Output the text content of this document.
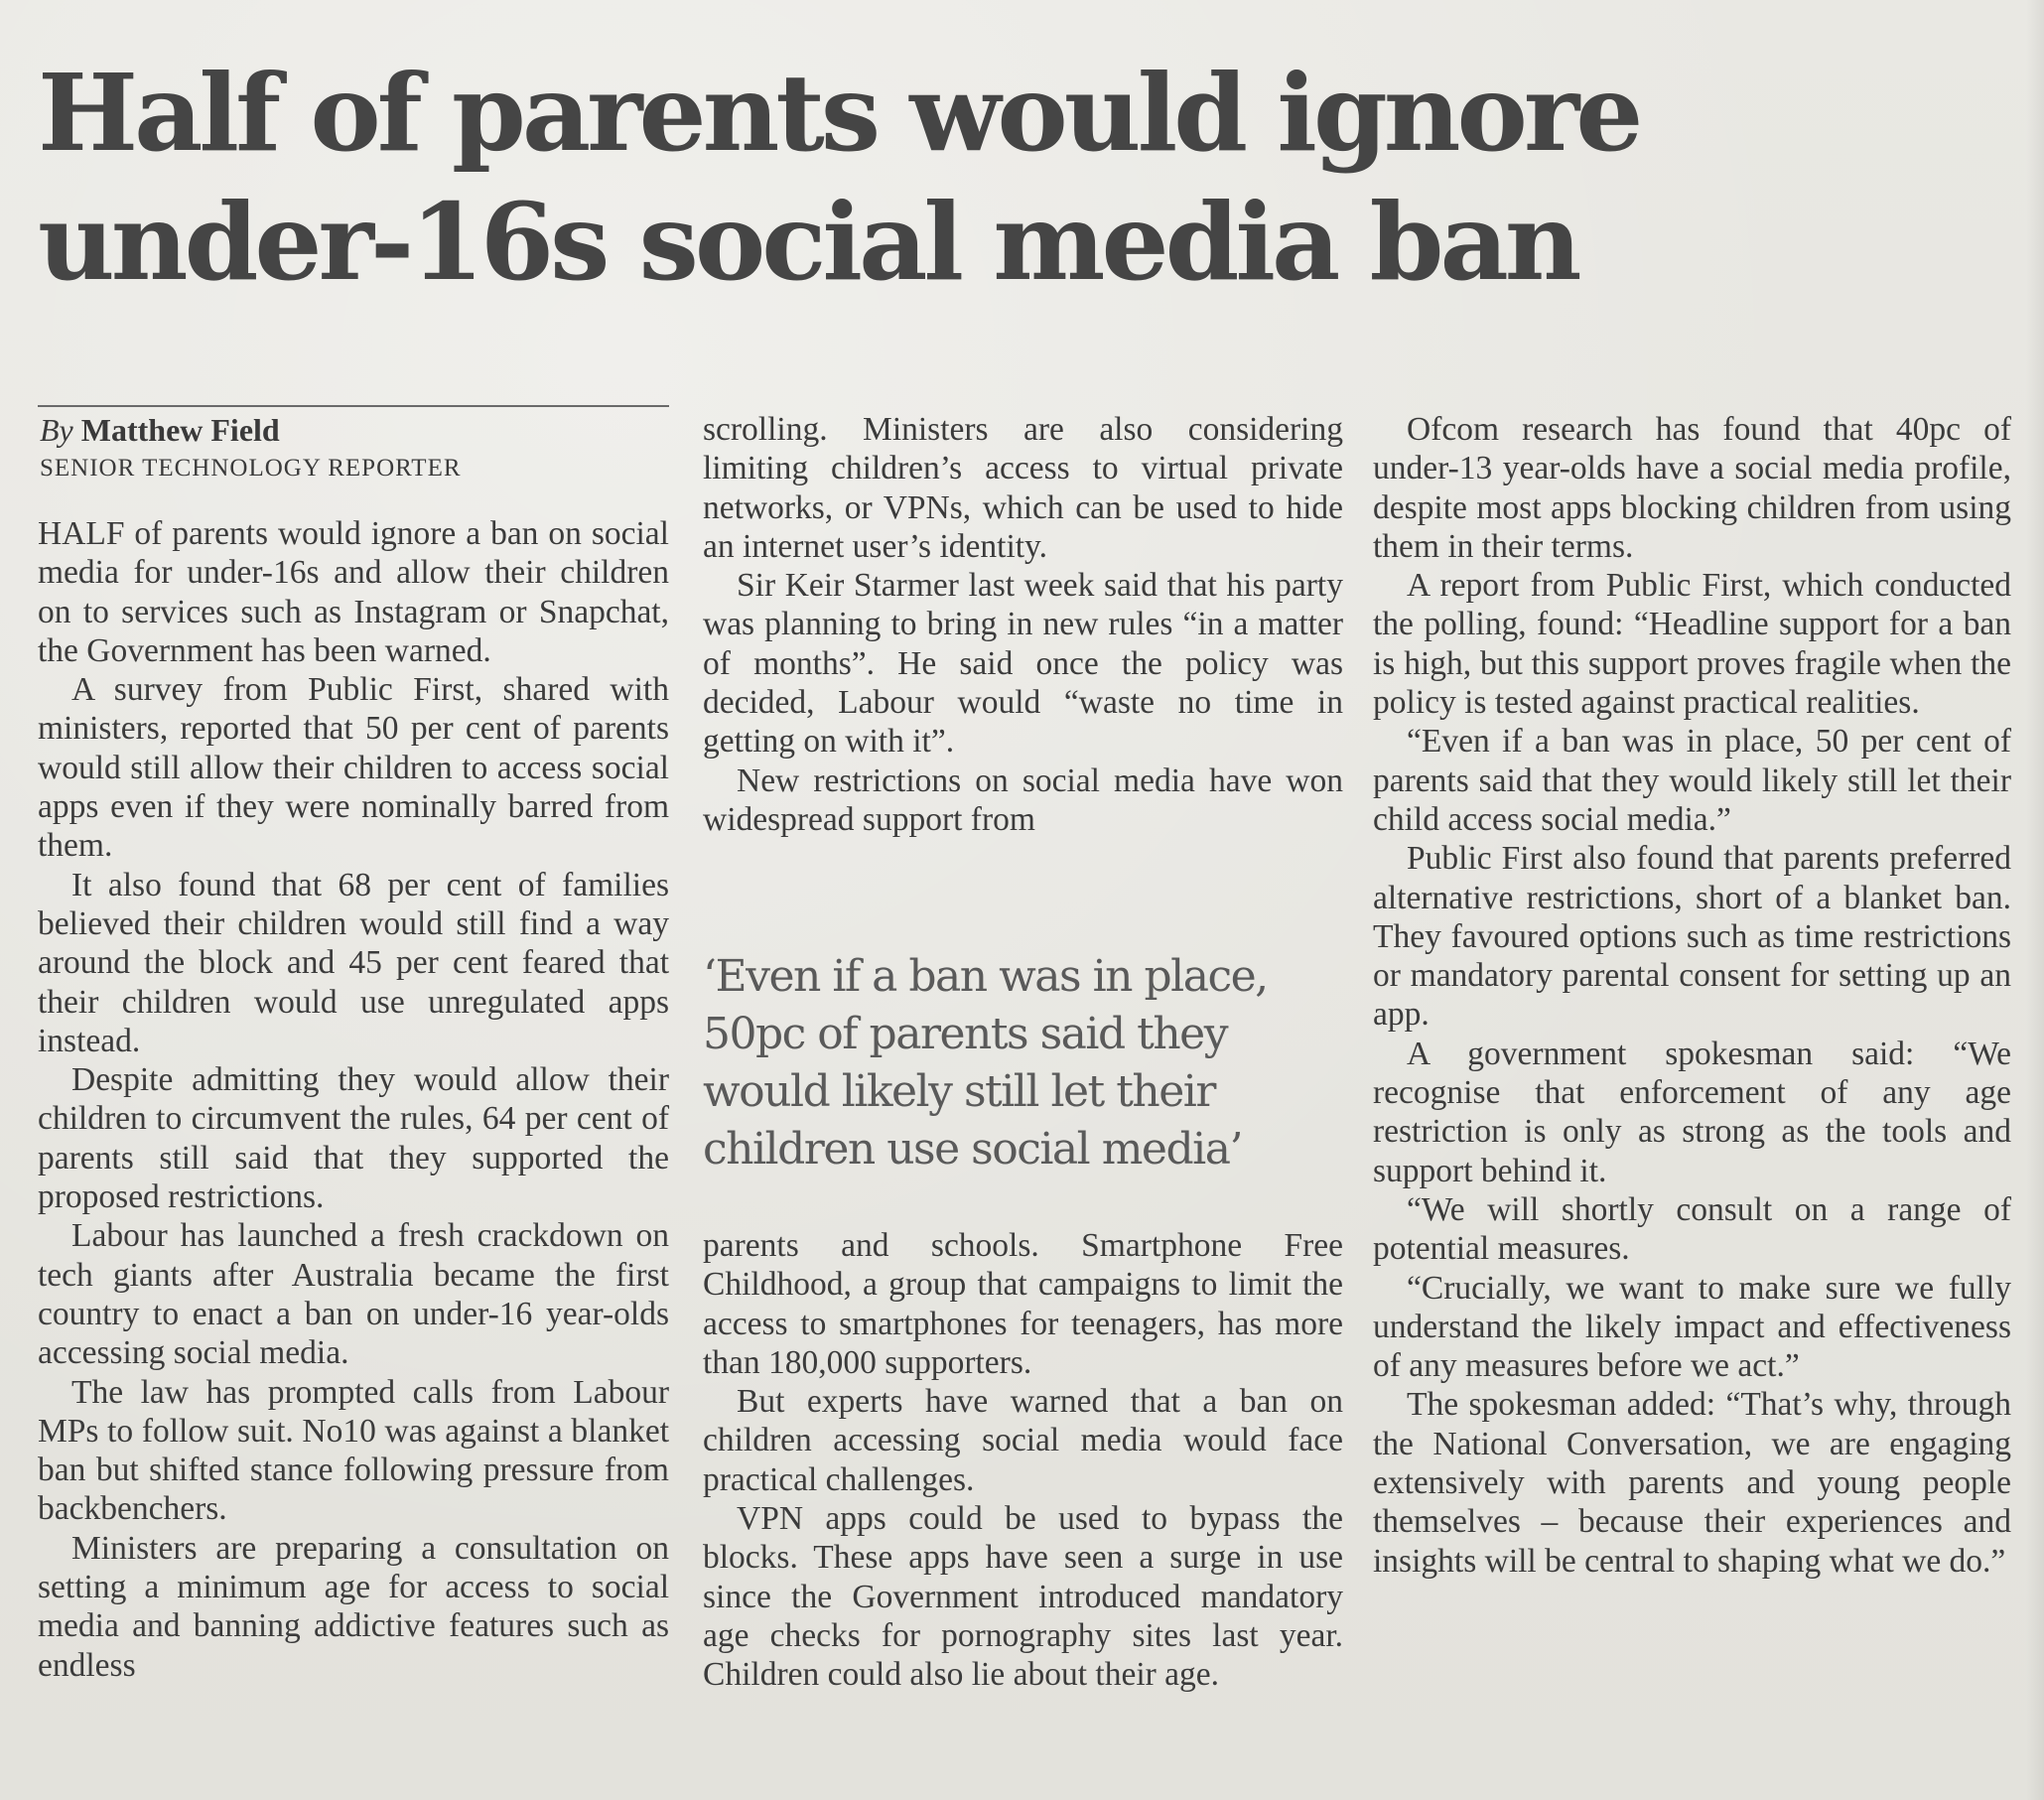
Half of parents would ignore
under-16s social media ban
By Matthew Field
SENIOR TECHNOLOGY REPORTER

HALF of parents would ignore a ban on social media for under-16s and allow their children on to services such as Instagram or Snapchat, the Government has been warned.

A survey from Public First, shared with ministers, reported that 50 per cent of parents would still allow their children to access social apps even if they were nominally barred from them.

It also found that 68 per cent of families believed their children would still find a way around the block and 45 per cent feared that their children would use unregulated apps instead.

Despite admitting they would allow their children to circumvent the rules, 64 per cent of parents still said that they supported the proposed restrictions.

Labour has launched a fresh crackdown on tech giants after Australia became the first country to enact a ban on under-16 year-olds accessing social media.

The law has prompted calls from Labour MPs to follow suit. No10 was against a blanket ban but shifted stance following pressure from backbenchers.

Ministers are preparing a consultation on setting a minimum age for access to social media and banning addictive features such as endless

scrolling. Ministers are also considering limiting children’s access to virtual private networks, or VPNs, which can be used to hide an internet user’s identity.

Sir Keir Starmer last week said that his party was planning to bring in new rules “in a matter of months”. He said once the policy was decided, Labour would “waste no time in getting on with it”.

New restrictions on social media have won widespread support from

‘Even if a ban was in place, 50pc of parents said they would likely still let their children use social media’

parents and schools. Smartphone Free Childhood, a group that campaigns to limit the access to smartphones for teenagers, has more than 180,000 supporters.

But experts have warned that a ban on children accessing social media would face practical challenges.

VPN apps could be used to bypass the blocks. These apps have seen a surge in use since the Government introduced mandatory age checks for pornography sites last year. Children could also lie about their age.

Ofcom research has found that 40pc of under-13 year-olds have a social media profile, despite most apps blocking children from using them in their terms.

A report from Public First, which conducted the polling, found: “Headline support for a ban is high, but this support proves fragile when the policy is tested against practical realities.

“Even if a ban was in place, 50 per cent of parents said that they would likely still let their child access social media.”

Public First also found that parents preferred alternative restrictions, short of a blanket ban. They favoured options such as time restrictions or mandatory parental consent for setting up an app.

A government spokesman said: “We recognise that enforcement of any age restriction is only as strong as the tools and support behind it.

“We will shortly consult on a range of potential measures.

“Crucially, we want to make sure we fully understand the likely impact and effectiveness of any measures before we act.”

The spokesman added: “That’s why, through the National Conversation, we are engaging extensively with parents and young people themselves – because their experiences and insights will be central to shaping what we do.”
